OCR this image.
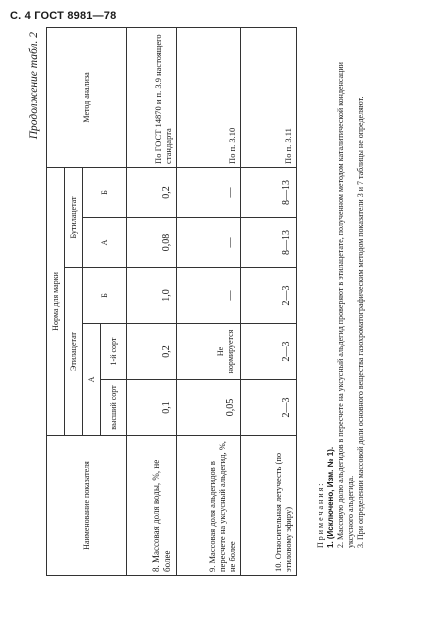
С. 4 ГОСТ 8981—78
Продолжение табл. 2
Наименование показателя	Норма для марки					Метод анализа
	Этилацетат			Бутилацетат		
	А		Б	А	Б	
	высший сорт	1-й сорт				
8. Массовая доля воды, %, не более	0,1	0,2	1,0	0,08	0,2	По ГОСТ 14870 и п. 3.9 настоящего стандарта
9. Массовая доля альдегидов в пересчете на уксусный альдегид, %, не более	0,05	Не нормируется	—	—	—	По п. 3.10
10. Относительная летучесть (по этиловому эфиру)	2—3	2—3	2—3	8—13	8—13	По п. 3.11

Примечания: 1. (Исключено, Изм. № 1). 2. Массовую долю альдегидов в пересчете на уксусный альдегид проверяют в этилацетате, полученном методом каталитической конденсации уксусного альдегида. 3. При определении массовой доли основного вещества газохроматографическим методом показатели 3 и 7 таблицы не определяют.
